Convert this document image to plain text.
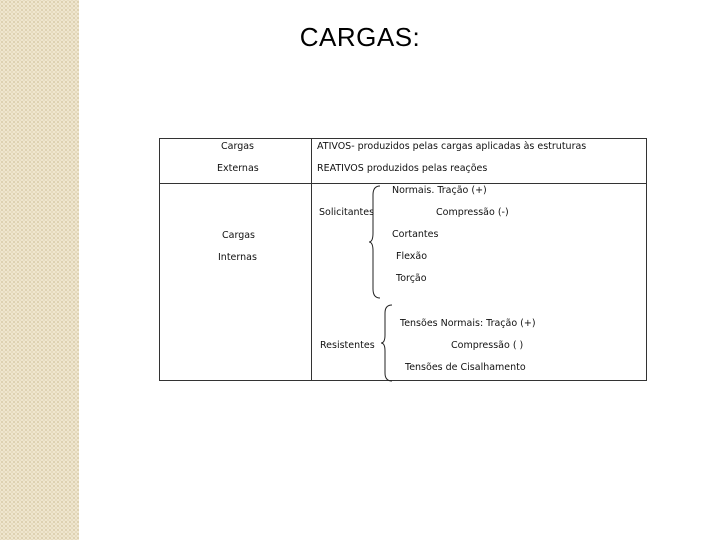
CARGAS:
Cargas
Externas
ATIVOS- produzidos pelas cargas aplicadas às estruturas
REATIVOS produzidos pelas reações
Cargas
Internas
Solicitantes
Normais. Tração (+)
Compressão (-)
Cortantes
Flexão
Torção
Resistentes
Tensões Normais: Tração (+)
Compressão ( )
Tensões de Cisalhamento
